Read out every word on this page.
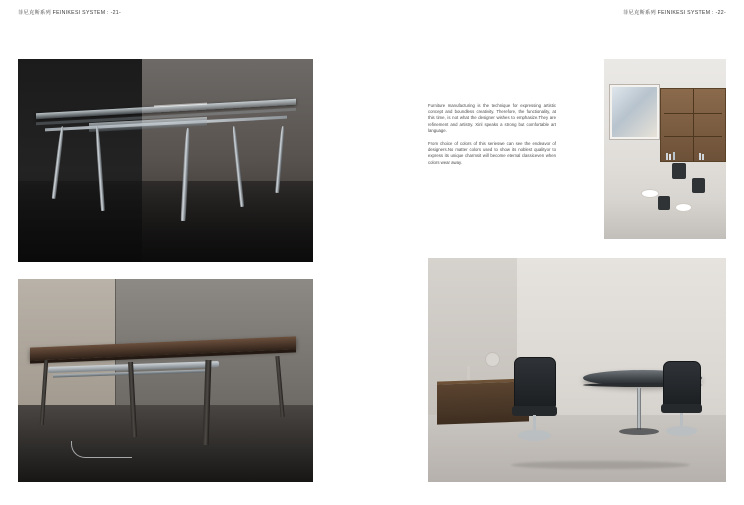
菲尼克斯系列 FEINIKESI SYSTEM : -21-	菲尼克斯系列 FEINIKESI SYSTEM : -22-

Furniture manufacturing is the technique for expressing artistic concept and boundless creativity. Therefore, the functionality, at this time, is not what the designer wishes to emphasize.They are refinement and artistry. Xinl speaks a strong but comfortable art language.

From choice of colors of this serieswe can see the endeavor of designers.No matter colors used to show its noblest qualityor to express its unique charmsit will become eternal classiceven when colors wear away.
